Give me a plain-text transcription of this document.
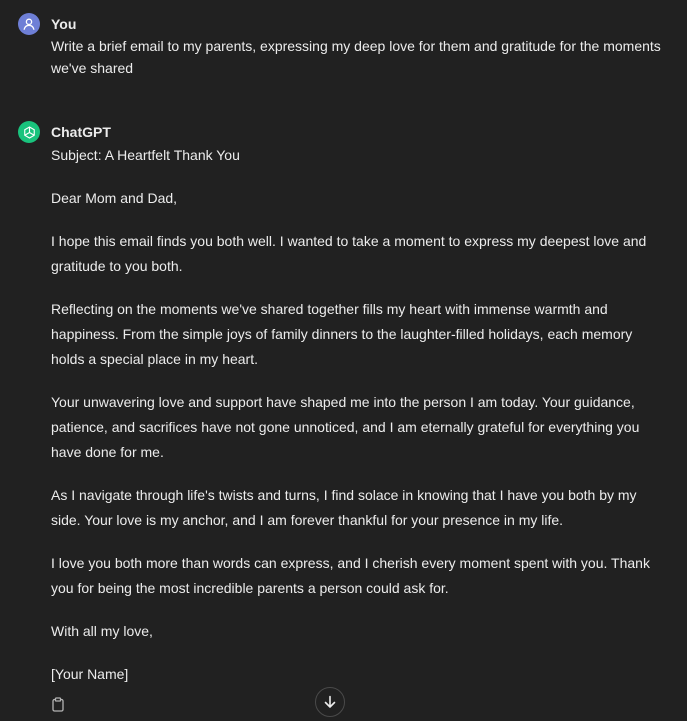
You
Write a brief email to my parents, expressing my deep love for them and gratitude for the moments we've shared
ChatGPT

Subject: A Heartfelt Thank You

Dear Mom and Dad,

I hope this email finds you both well. I wanted to take a moment to express my deepest love and gratitude to you both.

Reflecting on the moments we've shared together fills my heart with immense warmth and happiness. From the simple joys of family dinners to the laughter-filled holidays, each memory holds a special place in my heart.

Your unwavering love and support have shaped me into the person I am today. Your guidance, patience, and sacrifices have not gone unnoticed, and I am eternally grateful for everything you have done for me.

As I navigate through life's twists and turns, I find solace in knowing that I have you both by my side. Your love is my anchor, and I am forever thankful for your presence in my life.

I love you both more than words can express, and I cherish every moment spent with you. Thank you for being the most incredible parents a person could ask for.

With all my love,

[Your Name]
